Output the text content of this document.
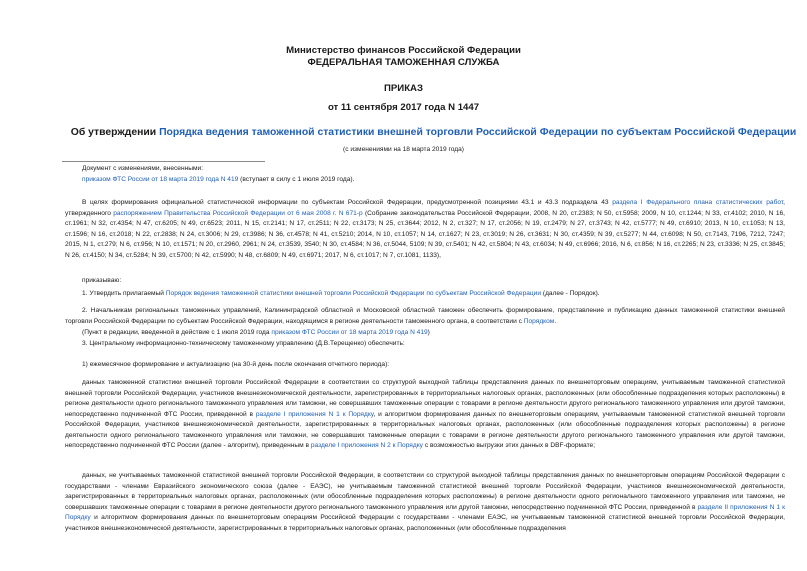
Министерство финансов Российской Федерации
ФЕДЕРАЛЬНАЯ ТАМОЖЕННАЯ СЛУЖБА
ПРИКАЗ
от 11 сентября 2017 года N 1447
Об утверждении Порядка ведения таможенной статистики внешней торговли Российской Федерации по субъектам Российской Федерации
(с изменениями на 18 марта 2019 года)
Документ с изменениями, внесенными:
приказом ФТС России от 18 марта 2019 года N 419 (вступает в силу с 1 июля 2019 года).
В целях формирования официальной статистической информации по субъектам Российской Федерации, предусмотренной позициями 43.1 и 43.3 подраздела 43 раздела I Федерального плана статистических работ, утвержденного распоряжением Правительства Российской Федерации от 6 мая 2008 г. N 671-р (Собрание законодательства Российской Федерации, 2008, N 20, ст.2383; N 50, ст.5958; 2009, N 10, ст.1244; N 33, ст.4102; 2010, N 16, ст.1961; N 32, ст.4354; N 47, ст.6205; N 49, ст.6523; 2011, N 15, ст.2141; N 17, ст.2511; N 22, ст.3173; N 25, ст.3644; 2012, N 2, ст.327; N 17, ст.2056; N 19, ст.2479; N 27, ст.3743; N 42, ст.5777; N 49, ст.6910; 2013, N 10, ст.1053; N 13, ст.1596; N 16, ст.2018; N 22, ст.2838; N 24, ст.3006; N 29, ст.3986; N 36, ст.4578; N 41, ст.5210; 2014, N 10, ст.1057; N 14, ст.1627; N 23, ст.3019; N 26, ст.3631; N 30, ст.4359; N 39, ст.5277; N 44, ст.6098; N 50, ст.7143, 7196, 7212, 7247; 2015, N 1, ст.279; N 6, ст.956; N 10, ст.1571; N 20, ст.2960, 2961; N 24, ст.3539, 3540; N 30, ст.4584; N 36, ст.5044, 5109; N 39, ст.5401; N 42, ст.5804; N 43, ст.6034; N 49, ст.6966; 2016, N 6, ст.856; N 16, ст.2265; N 23, ст.3336; N 25, ст.3845; N 26, ст.4150; N 34, ст.5284; N 39, ст.5700; N 42, ст.5990; N 48, ст.6809; N 49, ст.6971; 2017, N 6, ст.1017; N 7, ст.1081, 1133),
приказываю:
1. Утвердить прилагаемый Порядок ведения таможенной статистики внешней торговли Российской Федерации по субъектам Российской Федерации (далее - Порядок).
2. Начальникам региональных таможенных управлений, Калининградской областной и Московской областной таможен обеспечить формирование, представление и публикацию данных таможенной статистики внешней торговли Российской Федерации по субъектам Российской Федерации, находящимся в регионе деятельности таможенного органа, в соответствии с Порядком.
(Пункт в редакции, введенной в действие с 1 июля 2019 года приказом ФТС России от 18 марта 2019 года N 419)
3. Центральному информационно-техническому таможенному управлению (Д.В.Терещенко) обеспечить:
1) ежемесячное формирование и актуализацию (на 30-й день после окончания отчетного периода):
данных таможенной статистики внешней торговли Российской Федерации в соответствии со структурой выходной таблицы представления данных по внешнеторговым операциям, учитываемым таможенной статистикой внешней торговли Российской Федерации, участников внешнеэкономической деятельности, зарегистрированных в территориальных налоговых органах, расположенных (или обособленные подразделения которых расположены) в регионе деятельности одного регионального таможенного управления или таможни, не совершавших таможенные операции с товарами в регионе деятельности другого регионального таможенного управления или другой таможни, непосредственно подчиненной ФТС России, приведенной в разделе I приложения N 1 к Порядку, и алгоритмом формирования данных по внешнеторговым операциям, учитываемым таможенной статистикой внешней торговли Российской Федерации, участников внешнеэкономической деятельности, зарегистрированных в территориальных налоговых органах, расположенных (или обособленные подразделения которых расположены) в регионе деятельности одного регионального таможенного управления или таможни, не совершавших таможенные операции с товарами в регионе деятельности другого регионального таможенного управления или другой таможни, непосредственно подчиненной ФТС России (далее - алгоритм), приведенным в разделе I приложения N 2 к Порядку с возможностью выгрузки этих данных в DBF-формате;
данных, не учитываемых таможенной статистикой внешней торговли Российской Федерации, в соответствии со структурой выходной таблицы представления данных по внешнеторговым операциям Российской Федерации с государствами - членами Евразийского экономического союза (далее - ЕАЭС), не учитываемым таможенной статистикой внешней торговли Российской Федерации, участников внешнеэкономической деятельности, зарегистрированных в территориальных налоговых органах, расположенных (или обособленные подразделения которых расположены) в регионе деятельности одного регионального таможенного управления или таможни, не совершавших таможенные операции с товарами в регионе деятельности другого регионального таможенного управления или другой таможни, непосредственно подчиненной ФТС России, приведенной в разделе II приложения N 1 к Порядку и алгоритмом формирования данных по внешнеторговым операциям Российской Федерации с государствами - членами ЕАЭС, не учитываемым таможенной статистикой внешней торговли Российской Федерации, участников внешнеэкономической деятельности, зарегистрированных в территориальных налоговых органах, расположенных (или обособленные подразделения
